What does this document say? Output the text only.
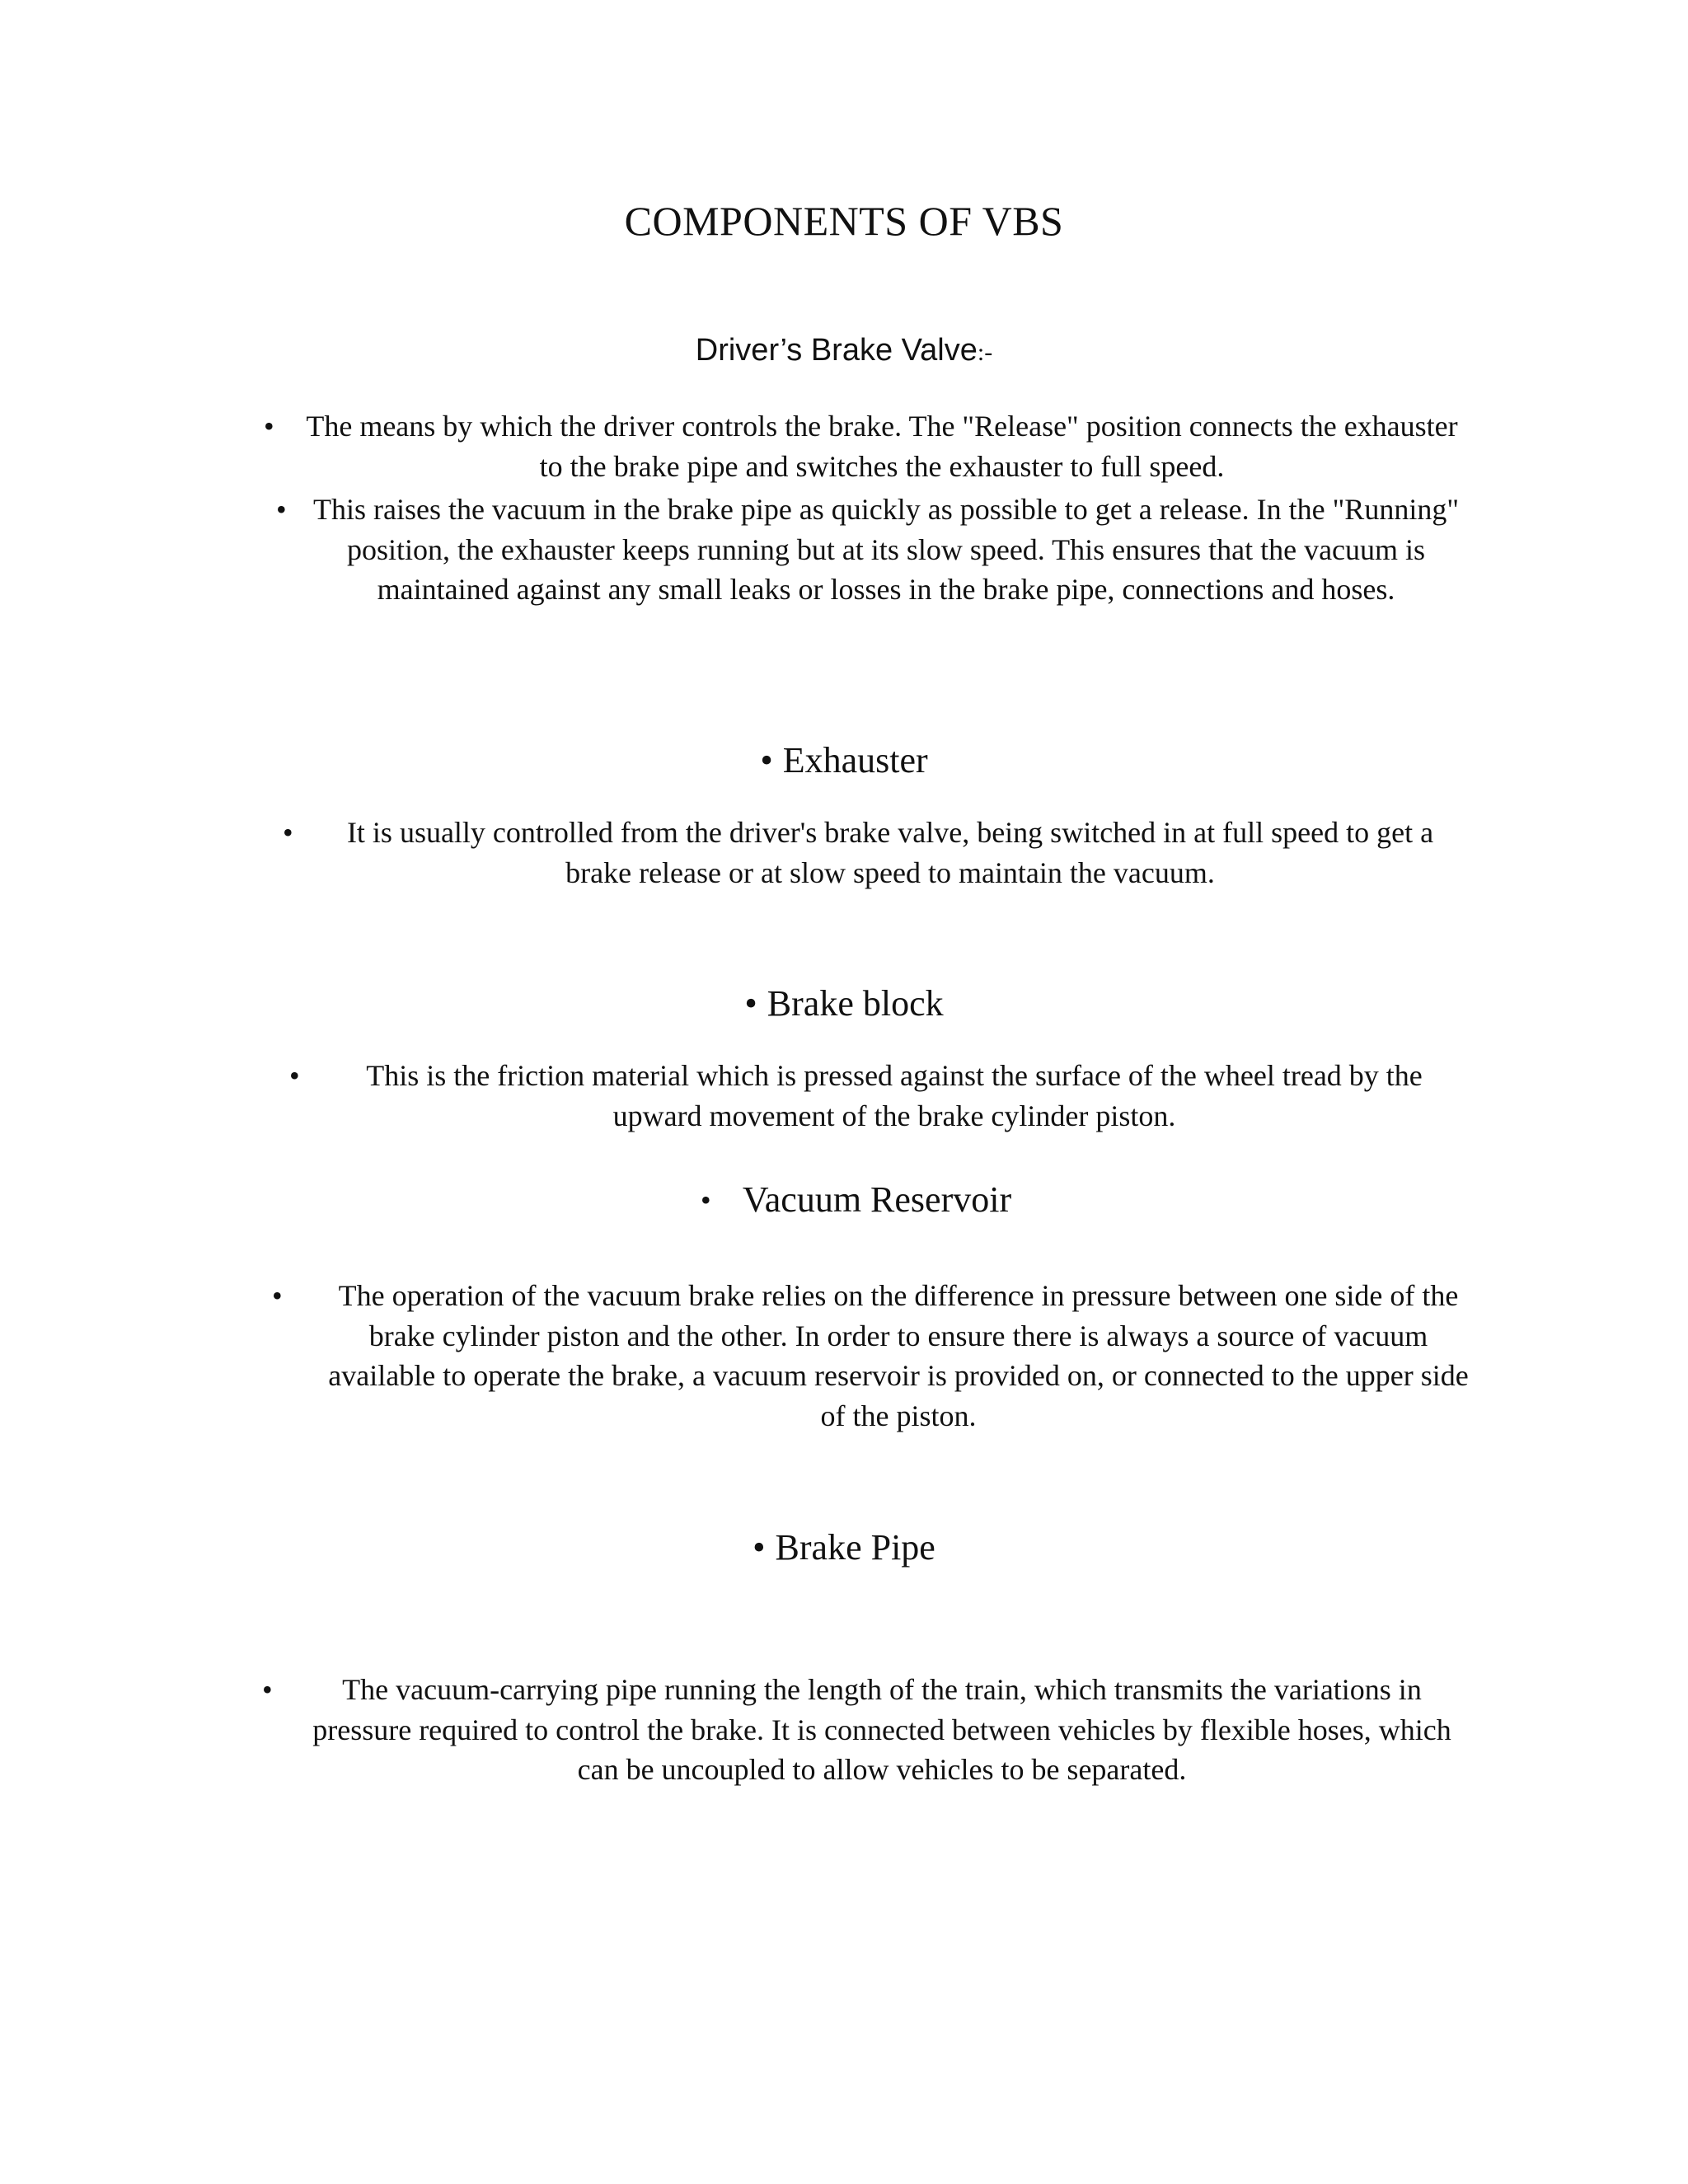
COMPONENTS OF VBS
Driver’s Brake Valve:-
•	The means by which the driver controls the brake. The "Release" position connects the exhauster to the brake pipe and switches the exhauster to full speed.
• This raises the vacuum in the brake pipe as quickly as possible to get a release. In the "Running" position, the exhauster keeps running but at its slow speed. This ensures that the vacuum is maintained against any small leaks or losses in the brake pipe, connections and hoses.
• Exhauster
•	It is usually controlled from the driver's brake valve, being switched in at full speed to get a brake release or at slow speed to maintain the vacuum.
• Brake block
•	This is the friction material which is pressed against the surface of the wheel tread by the upward movement of the brake cylinder piston.
• Vacuum Reservoir
•	The operation of the vacuum brake relies on the difference in pressure between one side of the brake cylinder piston and the other. In order to ensure there is always a source of vacuum available to operate the brake, a vacuum reservoir is provided on, or connected to the upper side of the piston.
• Brake Pipe
•	The vacuum-carrying pipe running the length of the train, which transmits the variations in pressure required to control the brake. It is connected between vehicles by flexible hoses, which can be uncoupled to allow vehicles to be separated.
